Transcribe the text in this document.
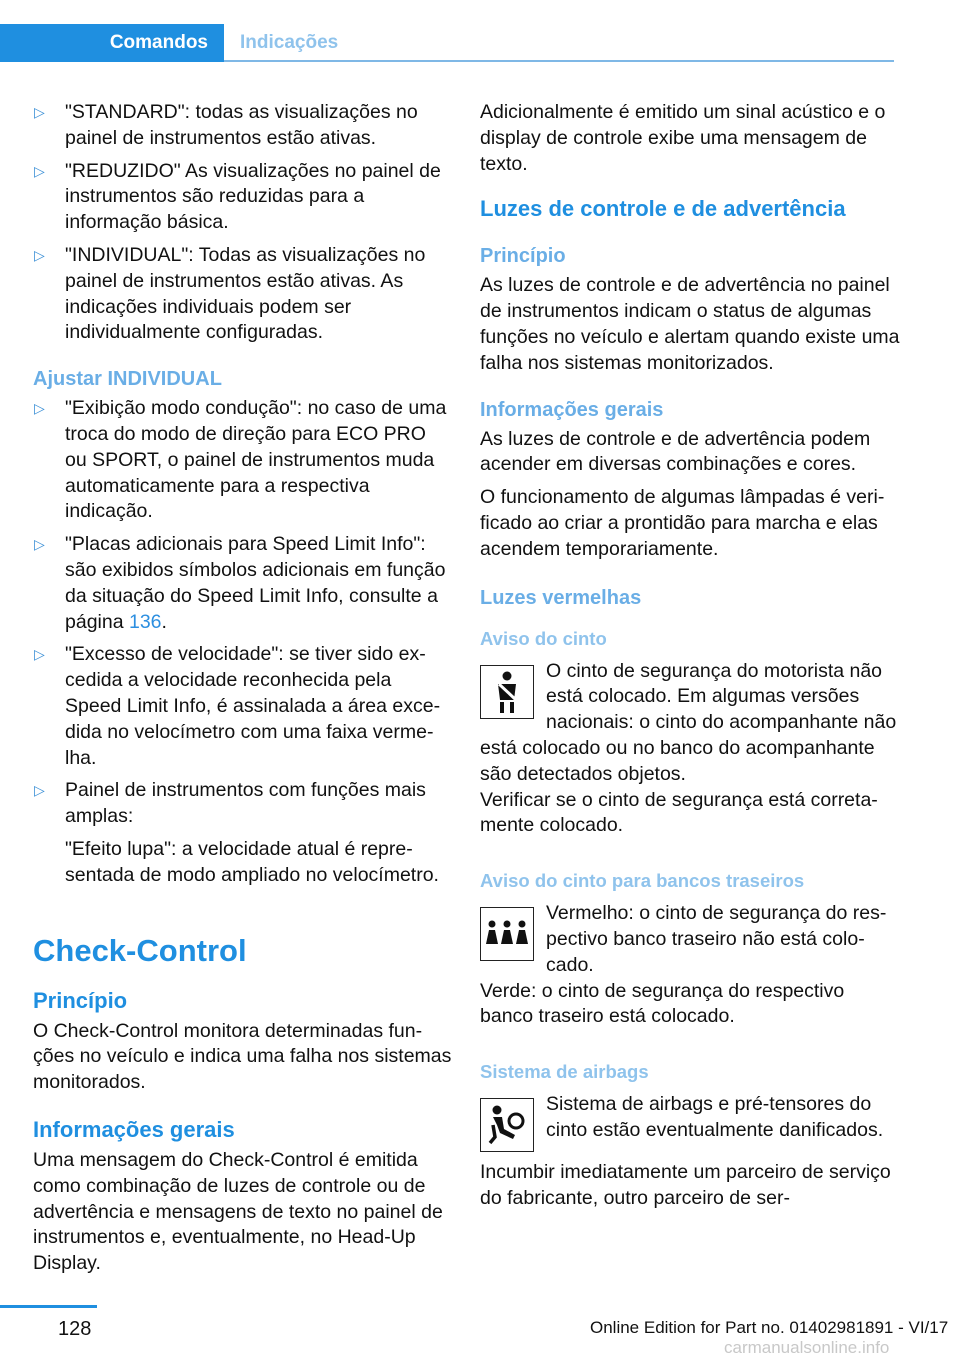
Comandos Indicações
▷	"STANDARD": todas as visualizações no painel de instrumentos estão ativas.
▷	"REDUZIDO" As visualizações no painel de instrumentos são reduzidas para a informação básica.
▷	"INDIVIDUAL": Todas as visualizações no painel de instrumentos estão ativas. As indicações individuais podem ser individualmente configuradas.
Ajustar INDIVIDUAL
▷	"Exibição modo condução": no caso de uma troca do modo de direção para ECO PRO ou SPORT, o painel de instrumentos muda automaticamente para a respectiva indicação.
▷	"Placas adicionais para Speed Limit Info": são exibidos símbolos adicionais em função da situação do Speed Limit Info, consulte a página 136.
▷	"Excesso de velocidade": se tiver sido excedida a velocidade reconhecida pela Speed Limit Info, é assinalada a área excedida no velocímetro com uma faixa vermelha.
▷	Painel de instrumentos com funções mais amplas:

"Efeito lupa": a velocidade atual é representada de modo ampliado no velocímetro.

Check-Control
Princípio

O Check-Control monitora determinadas funções no veículo e indica uma falha nos sistemas monitorados.

Informações gerais

Uma mensagem do Check-Control é emitida como combinação de luzes de controle ou de advertência e mensagens de texto no painel de instrumentos e, eventualmente, no Head-Up Display.

Adicionalmente é emitido um sinal acústico e o display de controle exibe uma mensagem de texto.

Luzes de controle e de advertência
Princípio

As luzes de controle e de advertência no painel de instrumentos indicam o status de algumas funções no veículo e alertam quando existe uma falha nos sistemas monitorizados.

Informações gerais

As luzes de controle e de advertência podem acender em diversas combinações e cores.

O funcionamento de algumas lâmpadas é verificado ao criar a prontidão para marcha e elas acendem temporariamente.

Luzes vermelhas
Aviso do cinto
O cinto de segurança do motorista não está colocado. Em algumas versões nacionais: o cinto do acompanhante não está colocado ou no banco do acompanhante são detectados objetos.

Verificar se o cinto de segurança está corretamente colocado.

Aviso do cinto para bancos traseiros
Vermelho: o cinto de segurança do respectivo banco traseiro não está colocado.

Verde: o cinto de segurança do respectivo banco traseiro está colocado.

Sistema de airbags
Sistema de airbags e pré-tensores do cinto estão eventualmente danificados.

Incumbir imediatamente um parceiro de serviço do fabricante, outro parceiro de ser-

128	Online Edition for Part no. 01402981891 - VI/17
carmanualsonline.info
